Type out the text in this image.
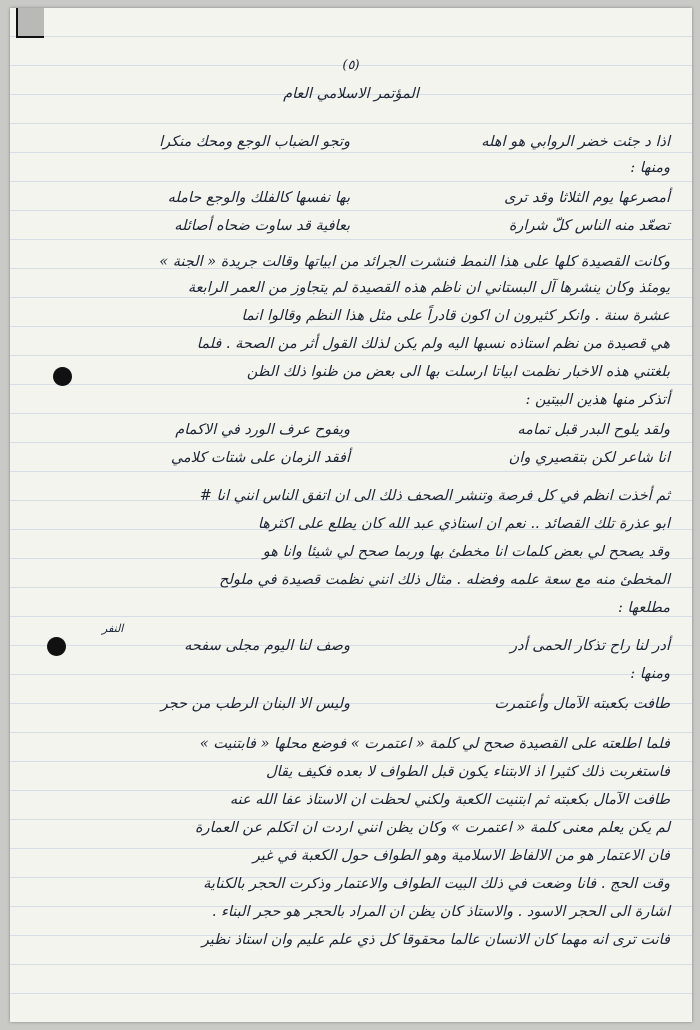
(٥)
المؤتمر الاسلامي العام
اذا د جئت خضر الروابي هو اهله
وتجو الضباب الوجع ومحك منكرا
ومنها :
أمصرعها يوم الثلاثا وقد ترى
بها نفسها كالفلك والوجع حامله
تصعّد منه الناس كلّ شرارة
بعافية قد ساوت ضحاه أصائله
وكانت القصيدة كلها على هذا النمط فنشرت الجرائد من ابياتها وقالت جريدة « الجنة »
يومئذ وكان ينشرها آل البستاني ان ناظم هذه القصيدة لم يتجاوز من العمر الرابعة
عشرة سنة . وانكر كثيرون ان اكون قادراً على مثل هذا النظم وقالوا انما
هي قصيدة من نظم استاذه نسبها اليه ولم يكن لذلك القول أثر من الصحة . فلما
بلغتني هذه الاخبار نظمت ابياتا ارسلت بها الى بعض من ظنوا ذلك الظن
أتذكر منها هذين البيتين :
ولقد يلوح البدر قبل تمامه
ويفوح عرف الورد في الاكمام
انا شاعر لكن بتقصيري وان
أفقد الزمان على شتات كلامي
ثم أخذت انظم في كل فرصة وتنشر الصحف ذلك الى ان اتفق الناس انني انا #
ابو عذرة تلك القصائد .. نعم ان استاذي عبد الله كان يطلع على اكثرها
وقد يصحح لي بعض كلمات انا مخطئ بها وربما صحح لي شيئا وانا هو
المخطئ منه مع سعة علمه وفضله . مثال ذلك انني نظمت قصيدة في ملولح
مطلعها :
النفر
أدر لنا راح تذكار الحمى أدر
وصف لنا اليوم مجلى سفحه
ومنها :
طافت بكعبته الآمال وأعتمرت
وليس الا البنان الرطب من حجر
فلما اطلعته على القصيدة صحح لي كلمة « اعتمرت » فوضع محلها « فابتنيت »
فاستغربت ذلك كثيرا اذ الابتناء يكون قبل الطواف لا بعده فكيف يقال
طافت الآمال بكعبته ثم ابتنيت الكعبة ولكني لحظت ان الاستاذ عفا الله عنه
لم يكن يعلم معنى كلمة « اعتمرت » وكان يظن انني اردت ان اتكلم عن العمارة
فان الاعتمار هو من الالفاظ الاسلامية وهو الطواف حول الكعبة في غير
وقت الحج . فانا وضعت في ذلك البيت الطواف والاعتمار وذكرت الحجر بالكناية
اشارة الى الحجر الاسود . والاستاذ كان يظن ان المراد بالحجر هو حجر البناء .
فانت ترى انه مهما كان الانسان عالما محقوقا كل ذي علم عليم وان استاذ نظير
